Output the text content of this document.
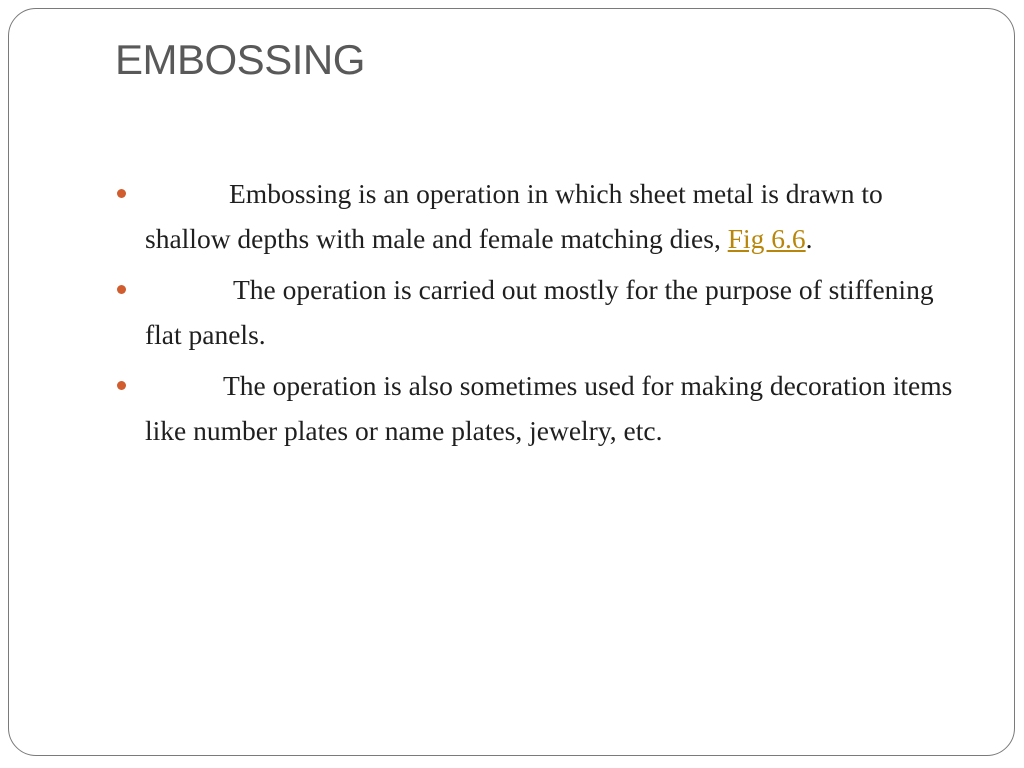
EMBOSSING
Embossing is an operation in which sheet metal is drawn to shallow depths with male and female matching dies, Fig 6.6.
The operation is carried out mostly for the purpose of stiffening flat panels.
The operation is also sometimes used for making decoration items like number plates or name plates, jewelry, etc.
